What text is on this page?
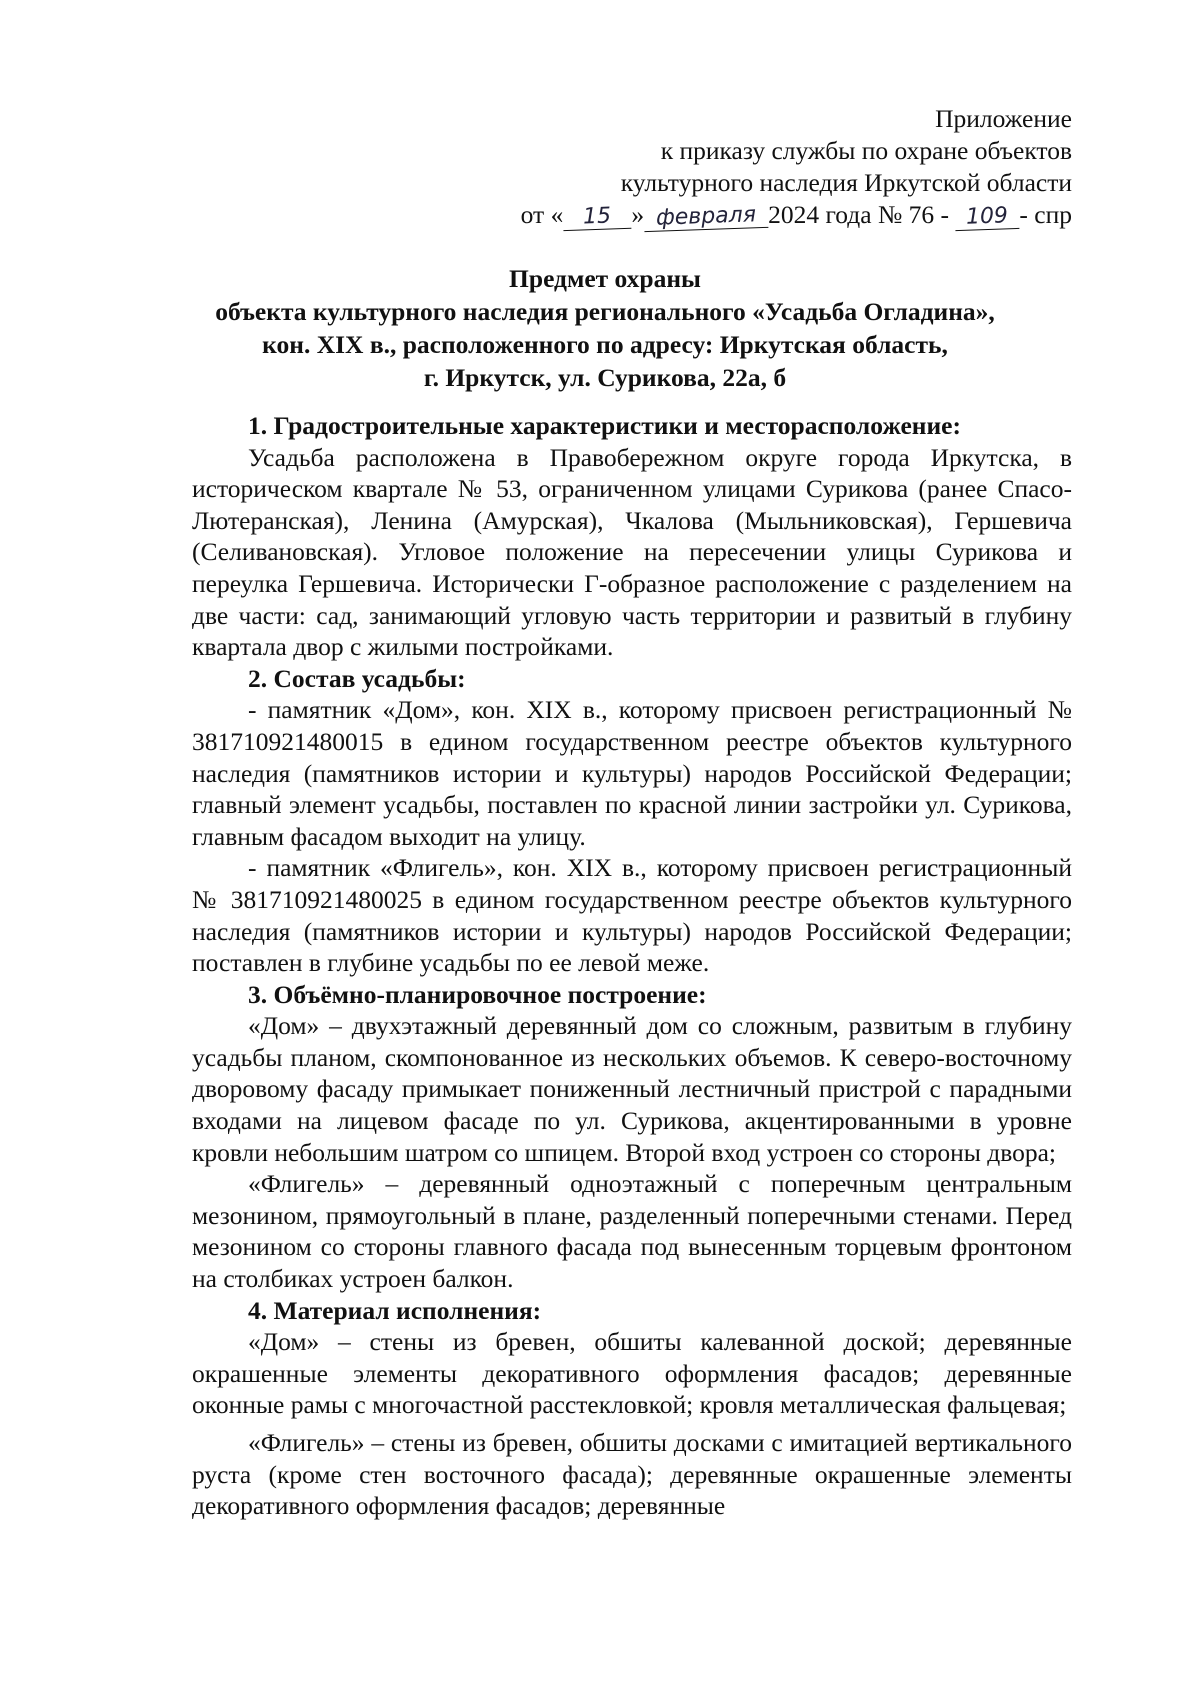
Приложение
к приказу службы по охране объектов
культурного наследия Иркутской области
от « 15 » февраля 2024 года № 76 - 109 - спр
Предмет охраны
объекта культурного наследия регионального «Усадьба Огладина»,
кон. XIX в., расположенного по адресу: Иркутская область,
г. Иркутск, ул. Сурикова, 22а, б
1. Градостроительные характеристики и месторасположение:

Усадьба расположена в Правобережном округе города Иркутска, в историческом квартале № 53, ограниченном улицами Сурикова (ранее Спасо-Лютеранская), Ленина (Амурская), Чкалова (Мыльниковская), Гершевича (Селивановская). Угловое положение на пересечении улицы Сурикова и переулка Гершевича. Исторически Г-образное расположение с разделением на две части: сад, занимающий угловую часть территории и развитый в глубину квартала двор с жилыми постройками.

2. Состав усадьбы:

- памятник «Дом», кон. XIX в., которому присвоен регистрационный № 381710921480015 в едином государственном реестре объектов культурного наследия (памятников истории и культуры) народов Российской Федерации; главный элемент усадьбы, поставлен по красной линии застройки ул. Сурикова, главным фасадом выходит на улицу.

- памятник «Флигель», кон. XIX в., которому присвоен регистрационный № 381710921480025 в едином государственном реестре объектов культурного наследия (памятников истории и культуры) народов Российской Федерации; поставлен в глубине усадьбы по ее левой меже.

3. Объёмно-планировочное построение:

«Дом» – двухэтажный деревянный дом со сложным, развитым в глубину усадьбы планом, скомпонованное из нескольких объемов. К северо-восточному дворовому фасаду примыкает пониженный лестничный пристрой с парадными входами на лицевом фасаде по ул. Сурикова, акцентированными в уровне кровли небольшим шатром со шпицем. Второй вход устроен со стороны двора;

«Флигель» – деревянный одноэтажный с поперечным центральным мезонином, прямоугольный в плане, разделенный поперечными стенами. Перед мезонином со стороны главного фасада под вынесенным торцевым фронтоном на столбиках устроен балкон.

4. Материал исполнения:

«Дом» – стены из бревен, обшиты калеванной доской; деревянные окрашенные элементы декоративного оформления фасадов; деревянные оконные рамы с многочастной расстекловкой; кровля металлическая фальцевая;

«Флигель» – стены из бревен, обшиты досками с имитацией вертикального руста (кроме стен восточного фасада); деревянные окрашенные элементы декоративного оформления фасадов; деревянные
